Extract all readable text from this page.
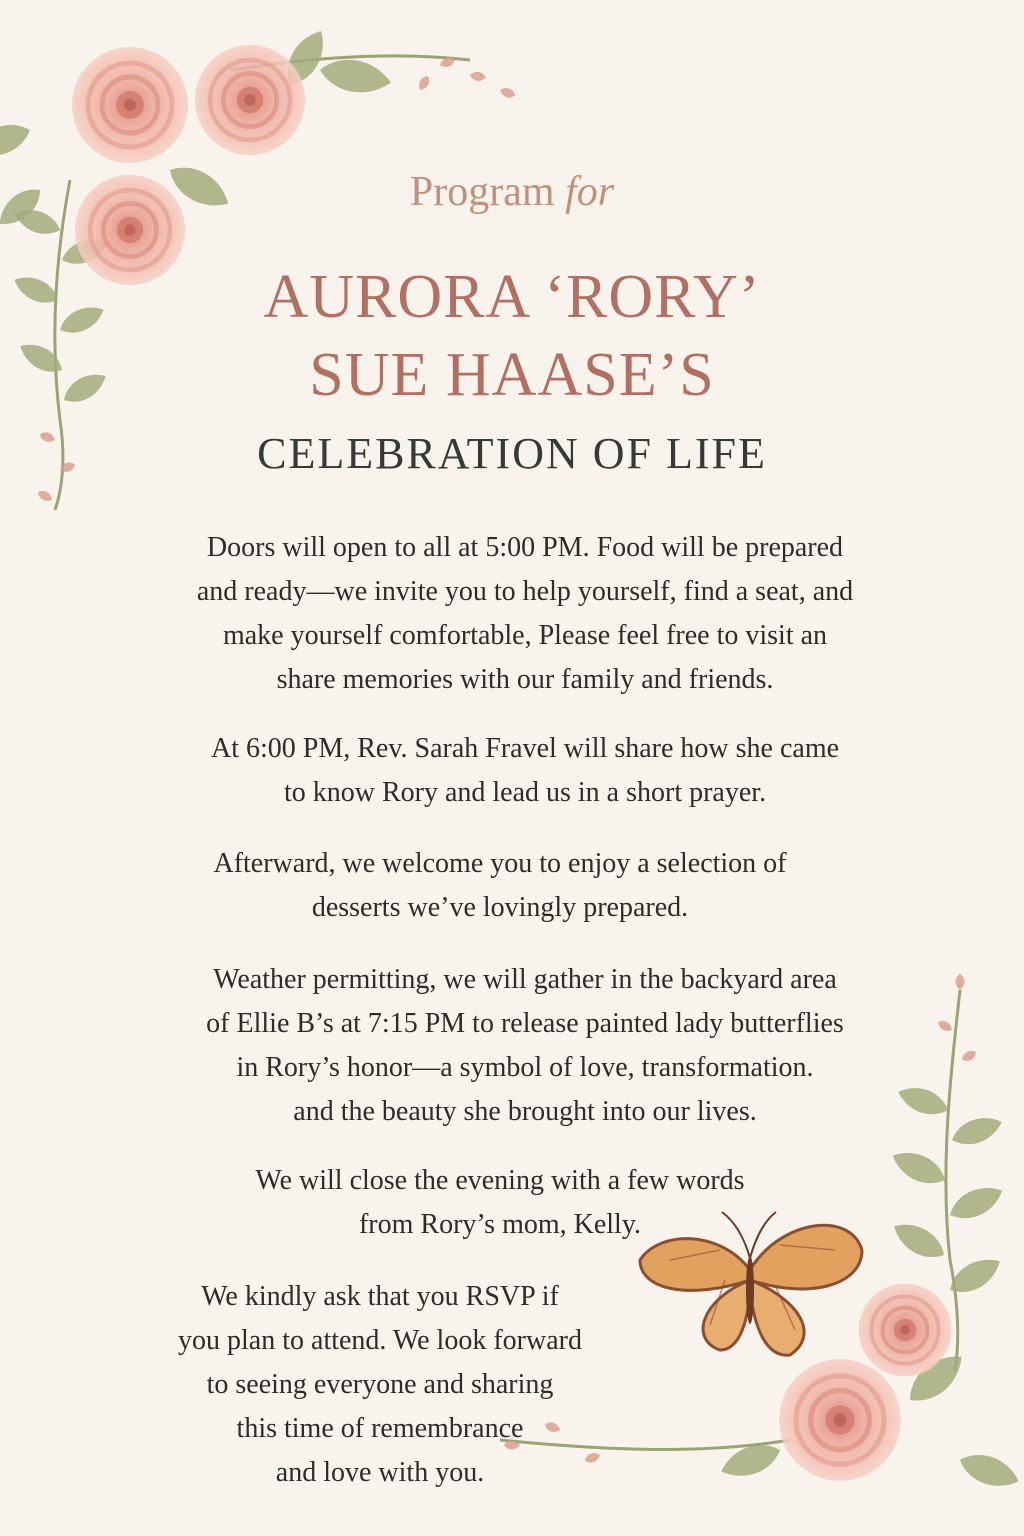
Program for
AURORA ‘RORY’
SUE HAASE’S
CELEBRATION OF LIFE
Doors will open to all at 5:00 PM. Food will be prepared
and ready—we invite you to help yourself, find a seat, and
make yourself comfortable, Please feel free to visit an
share memories with our family and friends.
At 6:00 PM, Rev. Sarah Fravel will share how she came
to know Rory and lead us in a short prayer.
Afterward, we welcome you to enjoy a selection of
desserts we’ve lovingly prepared.
Weather permitting, we will gather in the backyard area
of Ellie B’s at 7:15 PM to release painted lady butterflies
in Rory’s honor—a symbol of love, transformation.
and the beauty she brought into our lives.
We will close the evening with a few words
from Rory’s mom, Kelly.
We kindly ask that you RSVP if
you plan to attend. We look forward
to seeing everyone and sharing
this time of remembrance
and love with you.
